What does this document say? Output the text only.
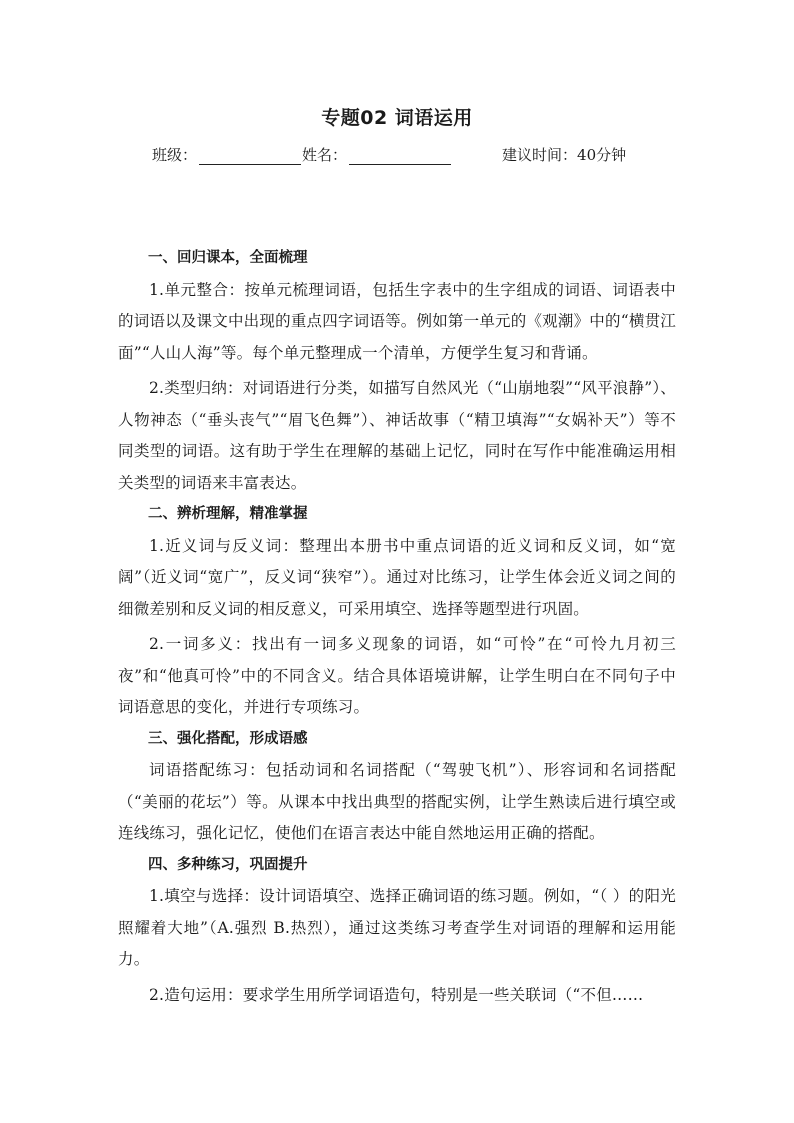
专题02 词语运用
班级：	姓名：	建议时间：40分钟

一、回归课本，全面梳理

1.单元整合：按单元梳理词语，包括生字表中的生字组成的词语、词语表中的词语以及课文中出现的重点四字词语等。例如第一单元的《观潮》中的“横贯江面”“人山人海”等。每个单元整理成一个清单，方便学生复习和背诵。

2.类型归纳：对词语进行分类，如描写自然风光（“山崩地裂”“风平浪静”）、人物神态（“垂头丧气”“眉飞色舞”）、神话故事（“精卫填海”“女娲补天”）等不同类型的词语。这有助于学生在理解的基础上记忆，同时在写作中能准确运用相关类型的词语来丰富表达。

二、辨析理解，精准掌握

1.近义词与反义词：整理出本册书中重点词语的近义词和反义词，如“宽阔”（近义词“宽广”，反义词“狭窄”）。通过对比练习，让学生体会近义词之间的细微差别和反义词的相反意义，可采用填空、选择等题型进行巩固。

2.一词多义：找出有一词多义现象的词语，如“可怜”在“可怜九月初三夜”和“他真可怜”中的不同含义。结合具体语境讲解，让学生明白在不同句子中词语意思的变化，并进行专项练习。

三、强化搭配，形成语感

词语搭配练习：包括动词和名词搭配（“驾驶飞机”）、形容词和名词搭配（“美丽的花坛”）等。从课本中找出典型的搭配实例，让学生熟读后进行填空或连线练习，强化记忆，使他们在语言表达中能自然地运用正确的搭配。

四、多种练习，巩固提升

1.填空与选择：设计词语填空、选择正确词语的练习题。例如，“（ ）的阳光照耀着大地”（A.强烈 B.热烈），通过这类练习考查学生对词语的理解和运用能力。

2.造句运用：要求学生用所学词语造句，特别是一些关联词（“不但……
